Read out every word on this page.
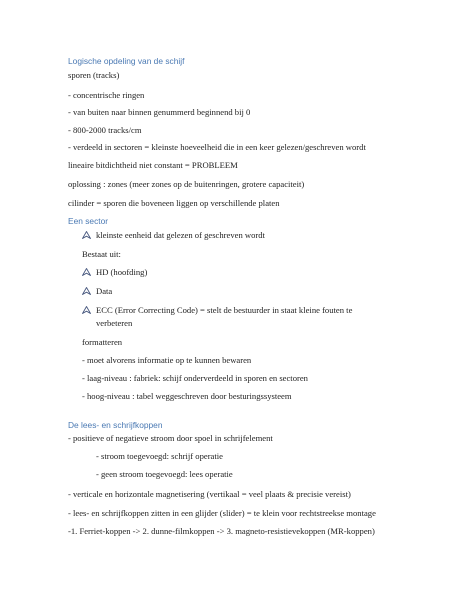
Logische opdeling van de schijf
sporen (tracks)
- concentrische ringen
- van buiten naar binnen genummerd beginnend bij 0
- 800-2000 tracks/cm
- verdeeld in sectoren = kleinste hoeveelheid die in een keer gelezen/geschreven wordt
lineaire bitdichtheid niet constant = PROBLEEM
oplossing : zones (meer zones op de buitenringen, grotere capaciteit)
cilinder = sporen die boveneen liggen op verschillende platen
Een sector
kleinste eenheid dat gelezen of geschreven wordt
Bestaat uit:
HD (hoofding)
Data
ECC (Error Correcting Code) = stelt de bestuurder in staat kleine fouten te
verbeteren
formatteren
- moet alvorens informatie op te kunnen bewaren
- laag-niveau : fabriek: schijf onderverdeeld in sporen en sectoren
- hoog-niveau : tabel weggeschreven door besturingssysteem
De lees- en schrijfkoppen
- positieve of negatieve stroom door spoel in schrijfelement
- stroom toegevoegd: schrijf operatie
- geen stroom toegevoegd: lees operatie
- verticale en horizontale magnetisering (vertikaal = veel plaats & precisie vereist)
- lees- en schrijfkoppen zitten in een glijder (slider) = te klein voor rechtstreekse montage
-1. Ferriet-koppen -> 2. dunne-filmkoppen -> 3. magneto-resistievekoppen (MR-koppen)
